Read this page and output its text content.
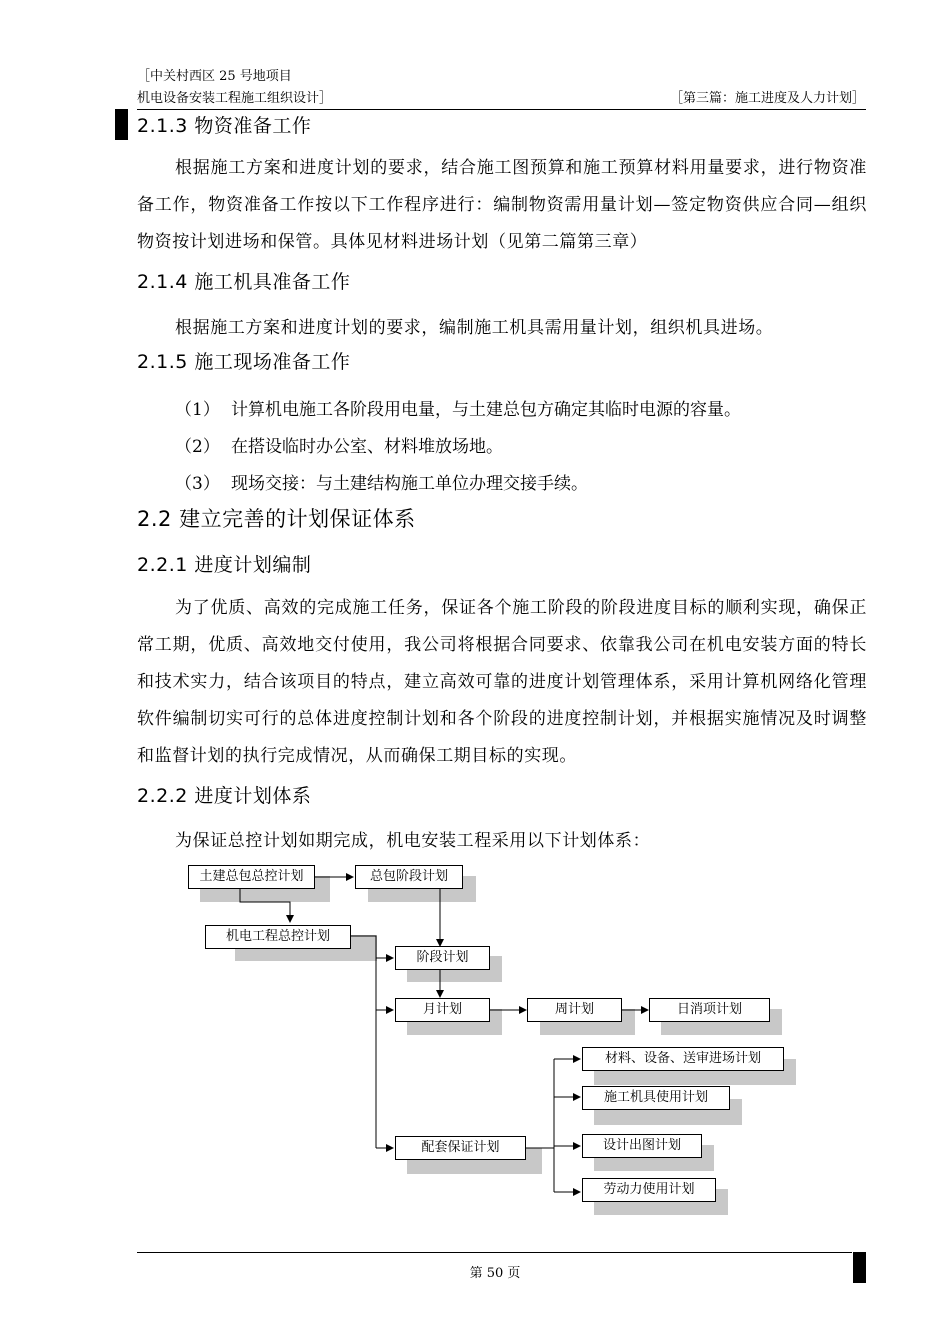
［中关村西区 25 号地项目
机电设备安装工程施工组织设计］	［第三篇：施工进度及人力计划］
2.1.3 物资准备工作

根据施工方案和进度计划的要求，结合施工图预算和施工预算材料用量要求，进行物资准备工作，物资准备工作按以下工作程序进行：编制物资需用量计划—签定物资供应合同—组织物资按计划进场和保管。具体见材料进场计划（见第二篇第三章）

2.1.4 施工机具准备工作
根据施工方案和进度计划的要求，编制施工机具需用量计划，组织机具进场。
2.1.5 施工现场准备工作
（1） 计算机电施工各阶段用电量，与土建总包方确定其临时电源的容量。
（2） 在搭设临时办公室、材料堆放场地。
（3） 现场交接：与土建结构施工单位办理交接手续。
2.2 建立完善的计划保证体系
2.2.1 进度计划编制

为了优质、高效的完成施工任务，保证各个施工阶段的阶段进度目标的顺利实现，确保正常工期，优质、高效地交付使用，我公司将根据合同要求、依靠我公司在机电安装方面的特长和技术实力，结合该项目的特点，建立高效可靠的进度计划管理体系，采用计算机网络化管理软件编制切实可行的总体进度控制计划和各个阶段的进度控制计划，并根据实施情况及时调整和监督计划的执行完成情况，从而确保工期目标的实现。

2.2.2 进度计划体系
为保证总控计划如期完成，机电安装工程采用以下计划体系：
土建总包总控计划	总包阶段计划
机电工程总控计划
阶段计划
月计划	周计划	日消项计划
材料、设备、送审进场计划
施工机具使用计划
设计出图计划
配套保证计划
劳动力使用计划
第 50 页
